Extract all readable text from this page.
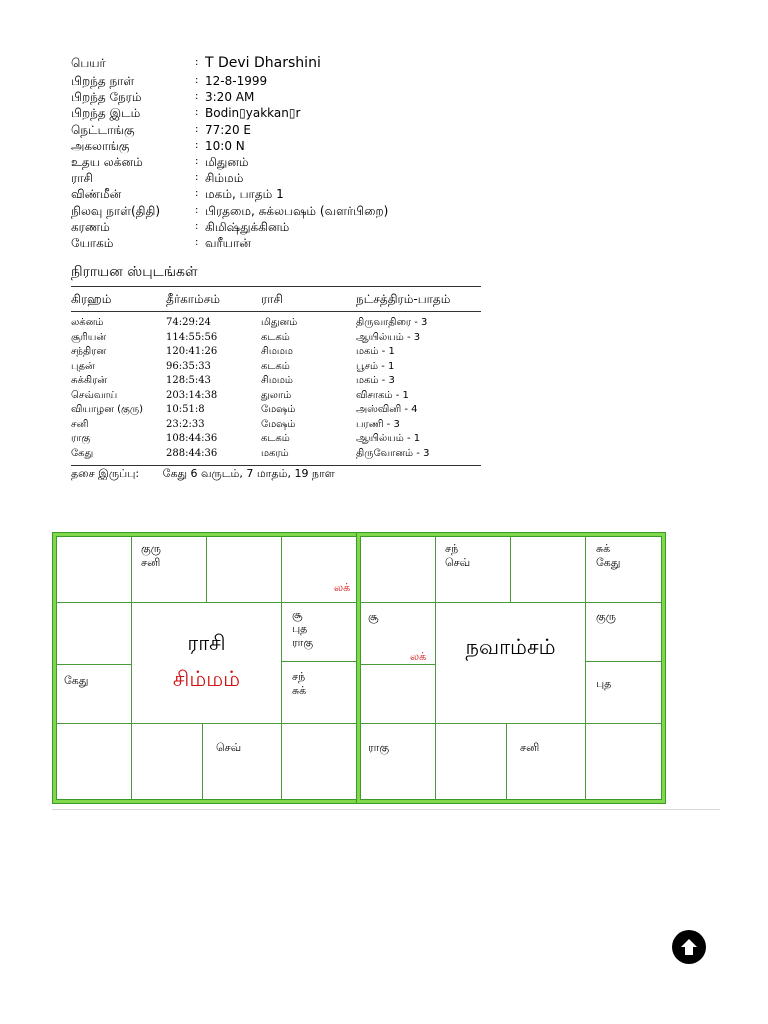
பெயர்	: T Devi Dharshini
பிறந்த நாள்	: 12-8-1999
பிறந்த நேரம்	: 3:20 AM
பிறந்த இடம்	: Bodin▯yakkan▯r
நெட்டாங்கு	: 77:20 E
அகலாங்கு	: 10:0 N
உதய லக்னம்	: மிதுனம்
ராசி	: சிம்மம்
விண்மீன்	: மகம், பாதம் 1
நிலவு நாள்(திதி)	: பிரதமை, சுக்லபஷம் (வளர்பிறை)
கரணம்	: கிமிஷ்துக்கினம்
யோகம்	: வரீயான்
நிராயன ஸ்புடங்கள்
கிரஹம்	தீர்காம்சம்	ராசி	நட்சத்திரம்-பாதம்
லக்னம்	74:29:24	மிதுனம்	திருவாதிரை - 3
சூரியன்	114:55:56	கடகம்	ஆயில்யம் - 3
சந்திரன	120:41:26	சிமமம	மகம் - 1
புதன்	96:35:33	கடகம்	பூசம் - 1
சுக்கிரன்	128:5:43	சிமமம்	மகம் - 3
செவ்வாய்	203:14:38	துலாம்	விசாகம் - 1
வியாழன (குரு) 10:51:8	மேஷம்	அஸ்வினி - 4
சனி	23:2:33	மேஷம்	பரணி - 3
ராகு	108:44:36	கடகம்	ஆயில்யம் - 1
கேது	288:44:36	மகரம்	திருவோனம் - 3
தசை இருப்பு: கேது 6 வருடம், 7 மாதம், 19 நாள
குரு
சனி
லக்
சூ
புத
ராகு
சந்
சுக்
செவ்
கேது
ராசி
சிம்மம்
சந்
செவ்
சுக்
கேது
குரு
புத
சனி
ராகு
சூ
லக்	நவாம்சம்
